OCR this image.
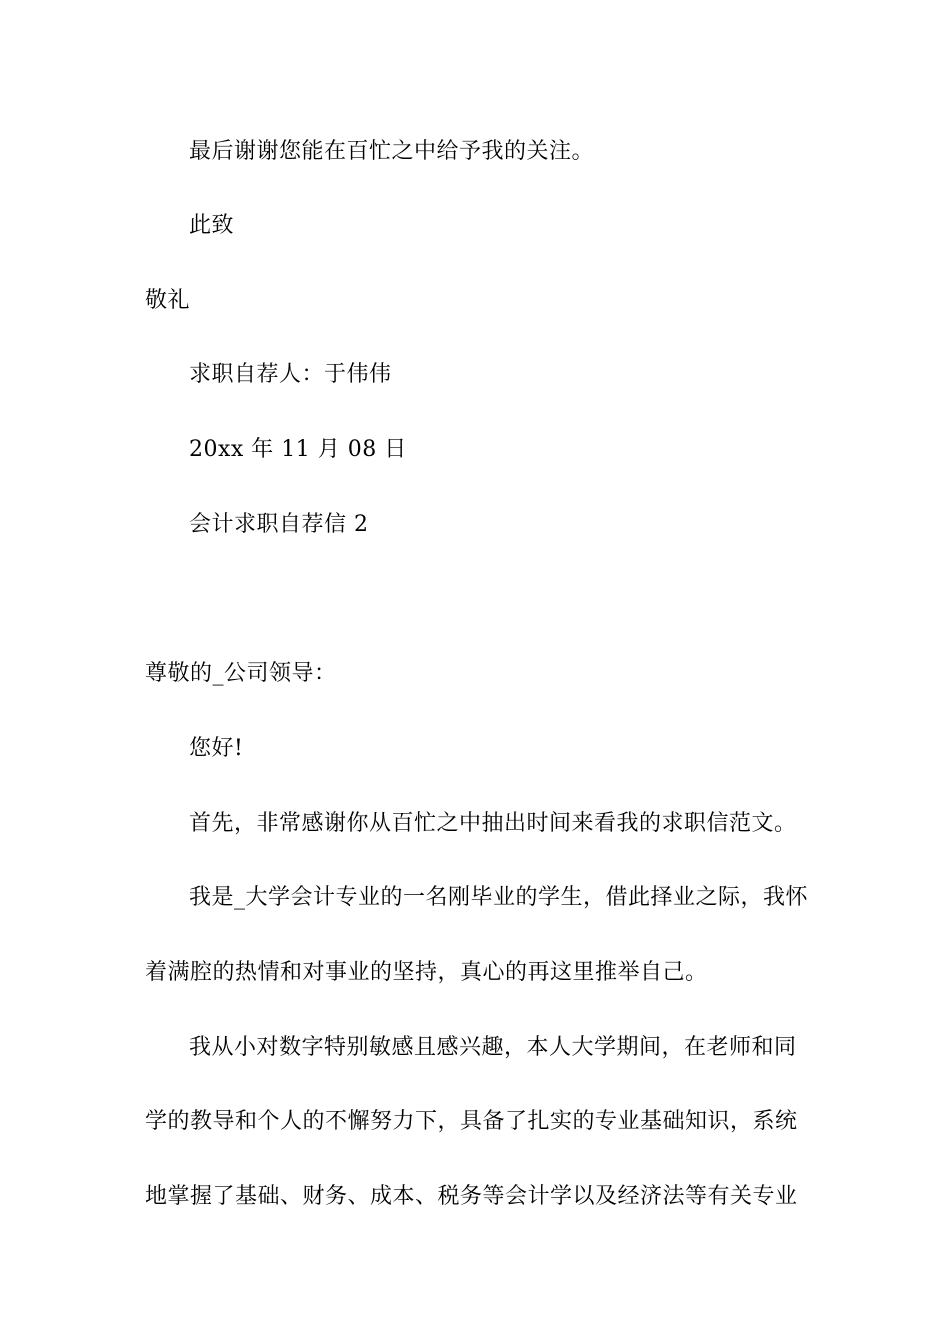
最后谢谢您能在百忙之中给予我的关注。
此致
敬礼
求职自荐人：于伟伟
20xx 年 11 月 08 日
会计求职自荐信 2
尊敬的_公司领导：
您好!
首先，非常感谢你从百忙之中抽出时间来看我的求职信范文。
我是_大学会计专业的一名刚毕业的学生，借此择业之际，我怀
着满腔的热情和对事业的坚持，真心的再这里推举自己。
我从小对数字特别敏感且感兴趣，本人大学期间，在老师和同
学的教导和个人的不懈努力下，具备了扎实的专业基础知识，系统
地掌握了基础、财务、成本、税务等会计学以及经济法等有关专业
